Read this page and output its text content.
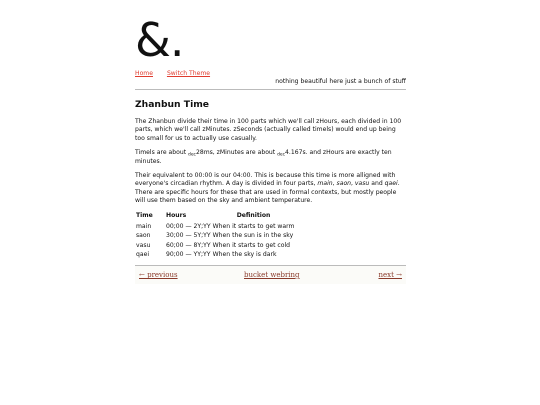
&.
Home Switch Theme
nothing beautiful here just a bunch of stuff
Zhanbun Time

The Zhanbun divide their time in 100 parts which we'll call zHours, each divided in 100 parts, which we'll call zMinutes. zSeconds (actually called timels) would end up being too small for us to actually use casually.

Timels are about $_{dec}$28ms, zMinutes are about $_{dec}$4.167s. and zHours are exactly ten minutes.

Their equivalent to 00:00 is our 04:00. This is because this time is more alligned with everyone's circadian rhythm. A day is divided in four parts, main, saon, vasu and qaei. There are specific hours for these that are used in formal contexts, but mostly people will use them based on the sky and ambient temperature.

Time	Hours	Definition
main	00;00 — 2Y;YY	When it starts to get warm
saon	30;00 — 5Y;YY	When the sun is in the sky
vasu	60;00 — 8Y;YY	When it starts to get cold
qaei	90;00 — YY;YY	When the sky is dark
← previous	bucket webring	next →
